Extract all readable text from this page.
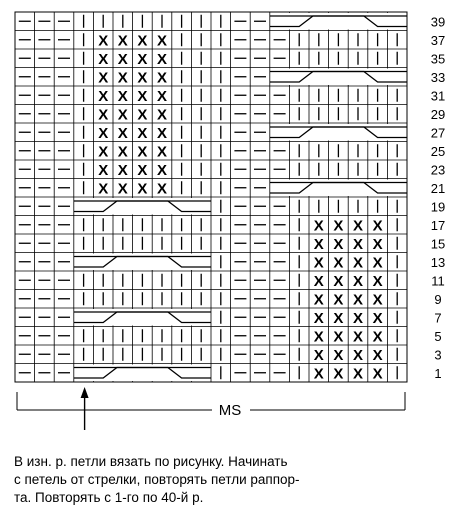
X X X X
X X X X
X X X X
X X X X
X X X X
X X X X
X X X X
X X X X
X X X X
X X X X
X X X X
X X X X
X X X X
X X X X
X X X X
X X X X
X X X X
X X X X
39
37
35
33
31
29
27
25
23
21
19
17
15
13
11
9
7
5
3
1
MS
В изн. р. петли вязать по рисунку. Начинать
с петель от стрелки, повторять петли раппор-
та. Повторять с 1-го по 40-й р.
